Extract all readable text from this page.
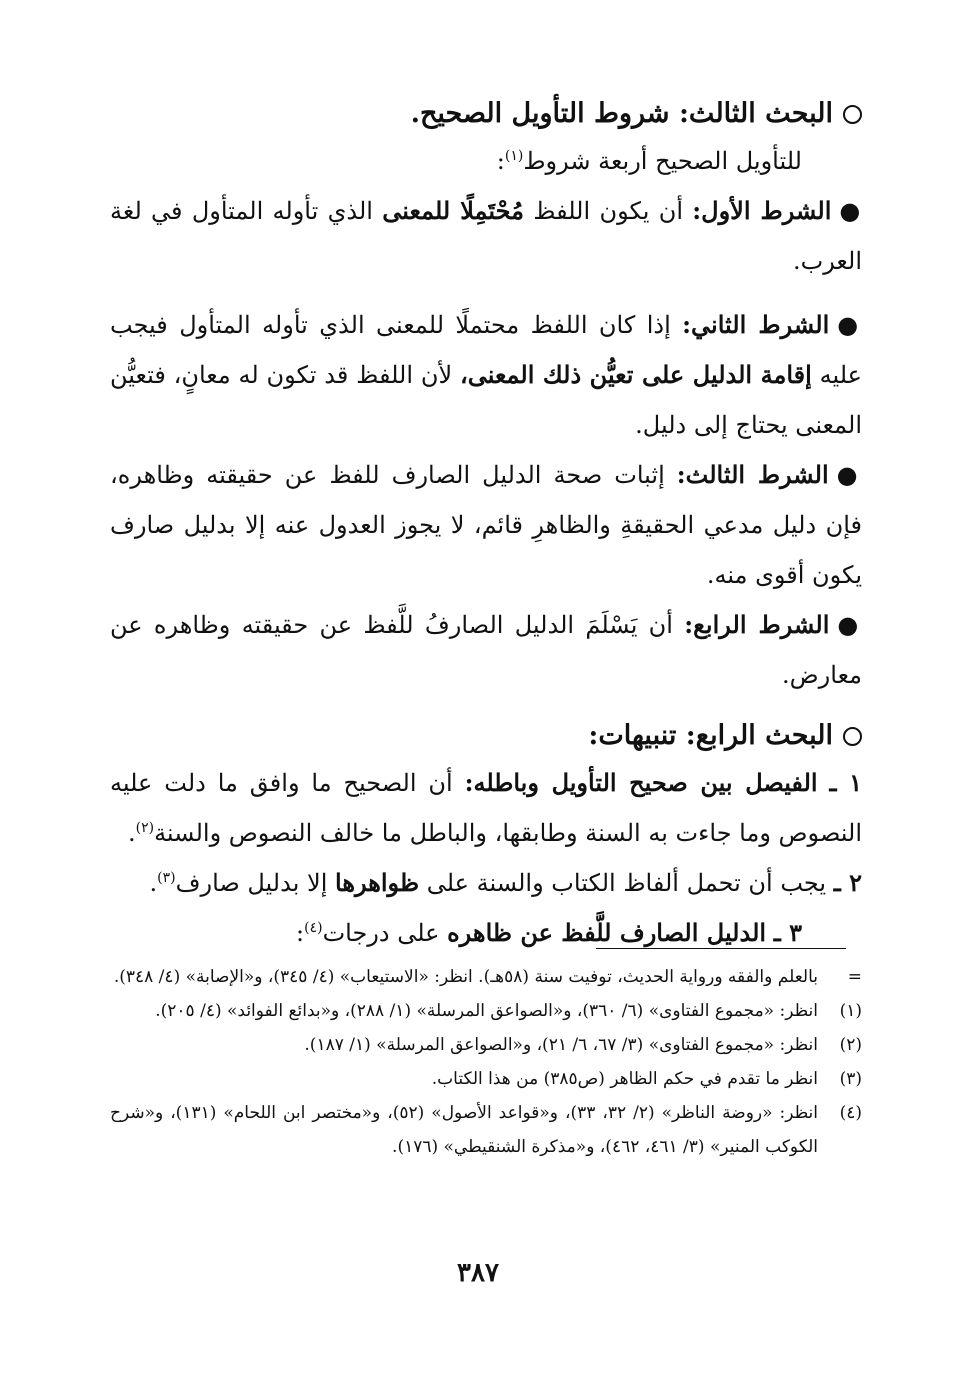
البحث الثالث: شروط التأويل الصحيح.

للتأويل الصحيح أربعة شروط$^{(١)}$:

●الشرط الأول: أن يكون اللفظ مُحْتَمِلًا للمعنى الذي تأوله المتأول في لغة العرب.

●الشرط الثاني: إذا كان اللفظ محتملًا للمعنى الذي تأوله المتأول فيجب عليه إقامة الدليل على تعيُّن ذلك المعنى، لأن اللفظ قد تكون له معانٍ، فتعيُّن المعنى يحتاج إلى دليل.

●الشرط الثالث: إثبات صحة الدليل الصارف للفظ عن حقيقته وظاهره، فإن دليل مدعي الحقيقةِ والظاهرِ قائم، لا يجوز العدول عنه إلا بدليل صارف يكون أقوى منه.

●الشرط الرابع: أن يَسْلَمَ الدليل الصارفُ للَّفظ عن حقيقته وظاهره عن معارض.

البحث الرابع: تنبيهات:

١ ـ الفيصل بين صحيح التأويل وباطله: أن الصحيح ما وافق ما دلت عليه النصوص وما جاءت به السنة وطابقها، والباطل ما خالف النصوص والسنة$^{(٢)}$.

٢ ـ يجب أن تحمل ألفاظ الكتاب والسنة على ظواهرها إلا بدليل صارف$^{(٣)}$.

٣ ـ الدليل الصارف للَّفظ عن ظاهره على درجات$^{(٤)}$:

=
بالعلم والفقه ورواية الحديث، توفيت سنة (٥٨هـ). انظر: «الاستيعاب» (٤/ ٣٤٥)، و«الإصابة» (٤/ ٣٤٨).

(١)
انظر: «مجموع الفتاوى» (٦/ ٣٦٠)، و«الصواعق المرسلة» (١/ ٢٨٨)، و«بدائع الفوائد» (٤/ ٢٠٥).

(٢)
انظر: «مجموع الفتاوى» (٣/ ٦٧، ٦/ ٢١)، و«الصواعق المرسلة» (١/ ١٨٧).

(٣)
انظر ما تقدم في حكم الظاهر (ص٣٨٥) من هذا الكتاب.

(٤)
انظر: «روضة الناظر» (٢/ ٣٢، ٣٣)، و«قواعد الأصول» (٥٢)، و«مختصر ابن اللحام» (١٣١)، و«شرح الكوكب المنير» (٣/ ٤٦١، ٤٦٢)، و«مذكرة الشنقيطي» (١٧٦).

٣٨٧
